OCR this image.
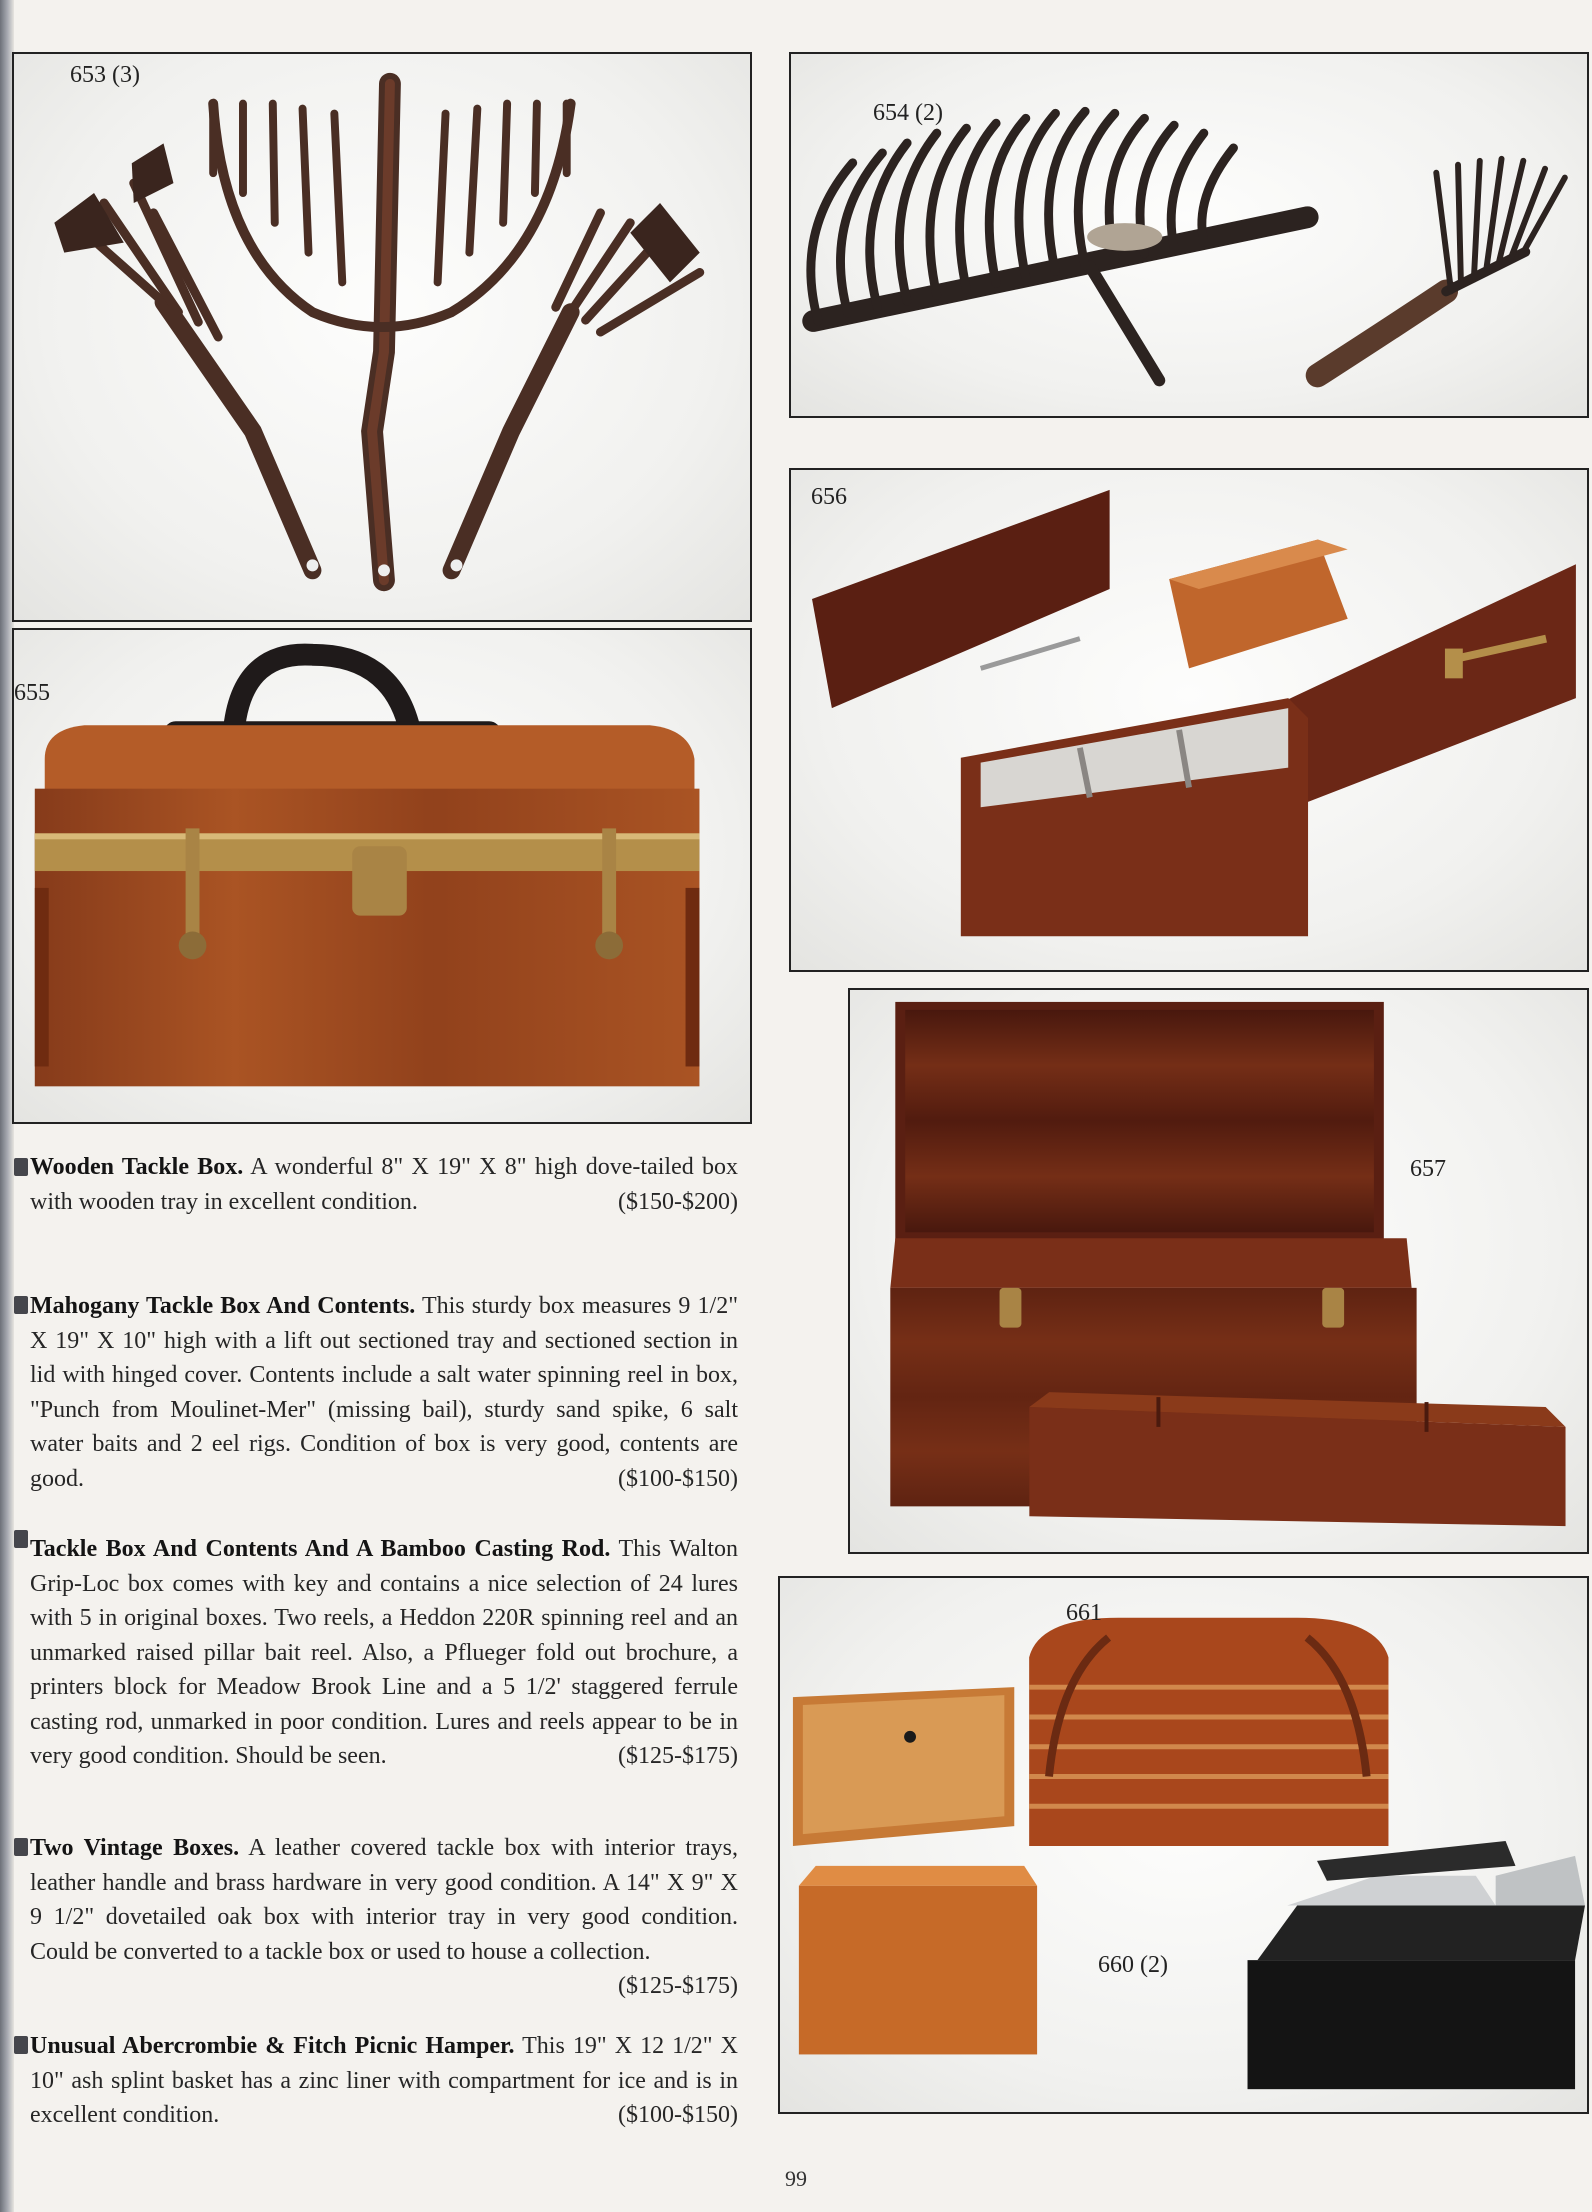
653 (3)
654 (2)
655
656
657
661
660 (2)
Wooden Tackle Box. A wonderful 8" X 19" X 8" high dove-tailed box with wooden tray in excellent condition.	($150-$200)
Mahogany Tackle Box And Contents. This sturdy box measures 9 1/2" X 19" X 10" high with a lift out sectioned tray and sectioned section in lid with hinged cover. Contents include a salt water spinning reel in box, "Punch from Moulinet-Mer" (missing bail), sturdy sand spike, 6 salt water baits and 2 eel rigs. Condition of box is very good, contents are good.	($100-$150)
Tackle Box And Contents And A Bamboo Casting Rod. This Walton Grip-Loc box comes with key and contains a nice selection of 24 lures with 5 in original boxes. Two reels, a Heddon 220R spinning reel and an unmarked raised pillar bait reel. Also, a Pflueger fold out brochure, a printers block for Meadow Brook Line and a 5 1/2' staggered ferrule casting rod, unmarked in poor condition. Lures and reels appear to be in very good condition. Should be seen.	($125-$175)
Two Vintage Boxes. A leather covered tackle box with interior trays, leather handle and brass hardware in very good condition. A 14" X 9" X 9 1/2" dovetailed oak box with interior tray in very good condition. Could be converted to a tackle box or used to house a collection.
($125-$175)
Unusual Abercrombie & Fitch Picnic Hamper. This 19" X 12 1/2" X 10" ash splint basket has a zinc liner with compartment for ice and is in excellent condition.	($100-$150)
99
